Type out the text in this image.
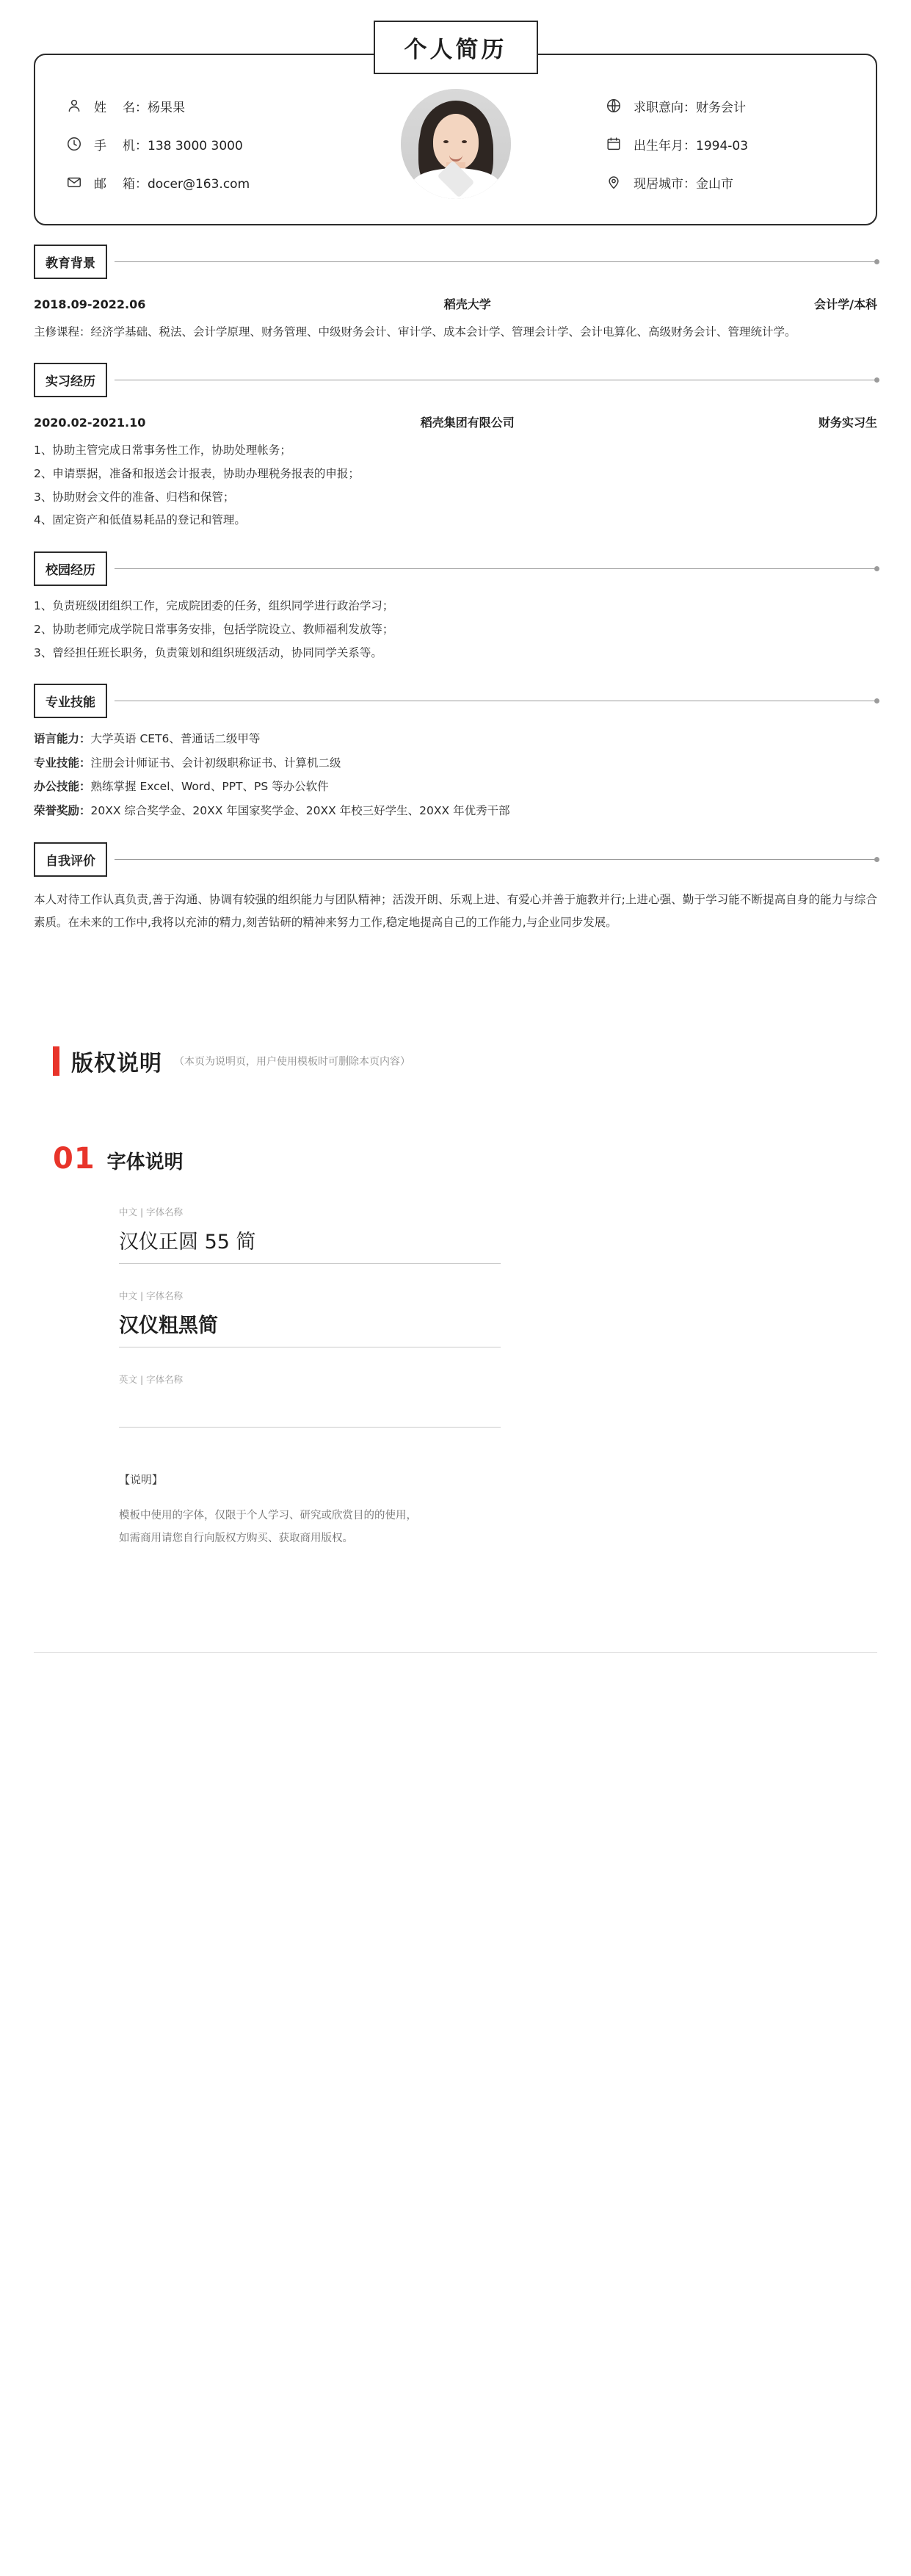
个人简历
姓 名：杨果果
手 机：138 3000 3000
邮 箱：docer@163.com
求职意向：财务会计
出生年月：1994-03
现居城市：金山市
教育背景
2018.09-2022.06	稻壳大学	会计学/本科
主修课程：经济学基础、税法、会计学原理、财务管理、中级财务会计、审计学、成本会计学、管理会计学、会计电算化、高级财务会计、管理统计学。
实习经历
2020.02-2021.10	稻壳集团有限公司	财务实习生
1、协助主管完成日常事务性工作，协助处理帐务；
2、申请票据，准备和报送会计报表，协助办理税务报表的申报；
3、协助财会文件的准备、归档和保管；
4、固定资产和低值易耗品的登记和管理。
校园经历
1、负责班级团组织工作，完成院团委的任务，组织同学进行政治学习；
2、协助老师完成学院日常事务安排，包括学院设立、教师福利发放等；
3、曾经担任班长职务，负责策划和组织班级活动，协同同学关系等。
专业技能
语言能力：大学英语 CET6、普通话二级甲等
专业技能：注册会计师证书、会计初级职称证书、计算机二级
办公技能：熟练掌握 Excel、Word、PPT、PS 等办公软件
荣誉奖励：20XX 综合奖学金、20XX 年国家奖学金、20XX 年校三好学生、20XX 年优秀干部
自我评价
本人对待工作认真负责,善于沟通、协调有较强的组织能力与团队精神；活泼开朗、乐观上进、有爱心并善于施教并行;上进心强、勤于学习能不断提高自身的能力与综合素质。在未来的工作中,我将以充沛的精力,刻苦钻研的精神来努力工作,稳定地提高自己的工作能力,与企业同步发展。
版权说明 （本页为说明页，用户使用模板时可删除本页内容）
01 字体说明
中文 | 字体名称
汉仪正圆 55 简
中文 | 字体名称
汉仪粗黑简
英文 | 字体名称
【说明】
模板中使用的字体，仅限于个人学习、研究或欣赏目的的使用，
如需商用请您自行向版权方购买、获取商用版权。
